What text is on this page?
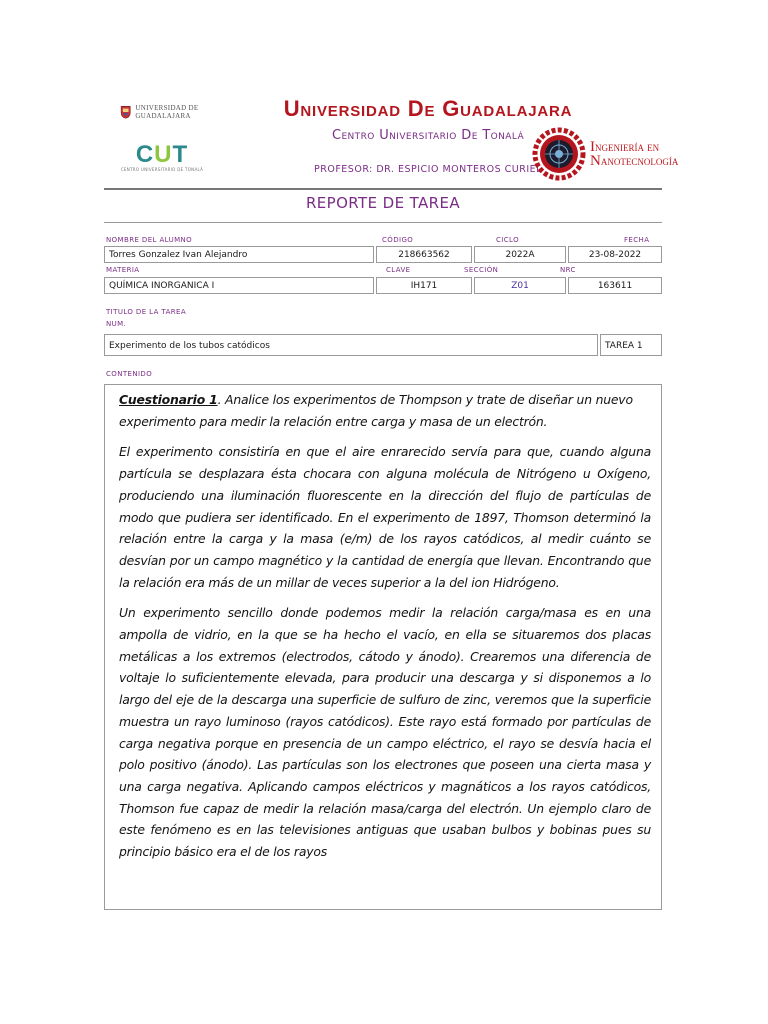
UNIVERSIDAD DE GUADALAJARA
CUT
CENTRO UNIVERSITARIO DE TONALÁ
Universidad De Guadalajara
Centro Universitario De Tonalá
PROFESOR: DR. ESPICIO MONTEROS CURIEL
Ingeniería en
Nanotecnología
REPORTE DE TAREA
NOMBRE DEL ALUMNO	CÓDIGO	CICLO	FECHA
Torres Gonzalez Ivan Alejandro	218663562	2022A	23-08-2022
MATERIA	CLAVE	SECCIÓN	NRC
QUÍMICA INORGANICA I	IH171	Z01	163611
TITULO DE LA TAREA
NUM.
Experimento de los tubos catódicos	TAREA 1
CONTENIDO

Cuestionario 1. Analice los experimentos de Thompson y trate de diseñar un nuevo experimento para medir la relación entre carga y masa de un electrón.

El experimento consistiría en que el aire enrarecido servía para que, cuando alguna partícula se desplazara ésta chocara con alguna molécula de Nitrógeno u Oxígeno, produciendo una iluminación fluorescente en la dirección del flujo de partículas de modo que pudiera ser identificado. En el experimento de 1897, Thomson determinó la relación entre la carga y la masa (e/m) de los rayos catódicos, al medir cuánto se desvían por un campo magnético y la cantidad de energía que llevan. Encontrando que la relación era más de un millar de veces superior a la del ion Hidrógeno.

Un experimento sencillo donde podemos medir la relación carga/masa es en una ampolla de vidrio, en la que se ha hecho el vacío, en ella se situaremos dos placas metálicas a los extremos (electrodos, cátodo y ánodo). Crearemos una diferencia de voltaje lo suficientemente elevada, para producir una descarga y si disponemos a lo largo del eje de la descarga una superficie de sulfuro de zinc, veremos que la superficie muestra un rayo luminoso (rayos catódicos). Este rayo está formado por partículas de carga negativa porque en presencia de un campo eléctrico, el rayo se desvía hacia el polo positivo (ánodo). Las partículas son los electrones que poseen una cierta masa y una carga negativa. Aplicando campos eléctricos y magnáticos a los rayos catódicos, Thomson fue capaz de medir la relación masa/carga del electrón. Un ejemplo claro de este fenómeno es en las televisiones antiguas que usaban bulbos y bobinas pues su principio básico era el de los rayos
